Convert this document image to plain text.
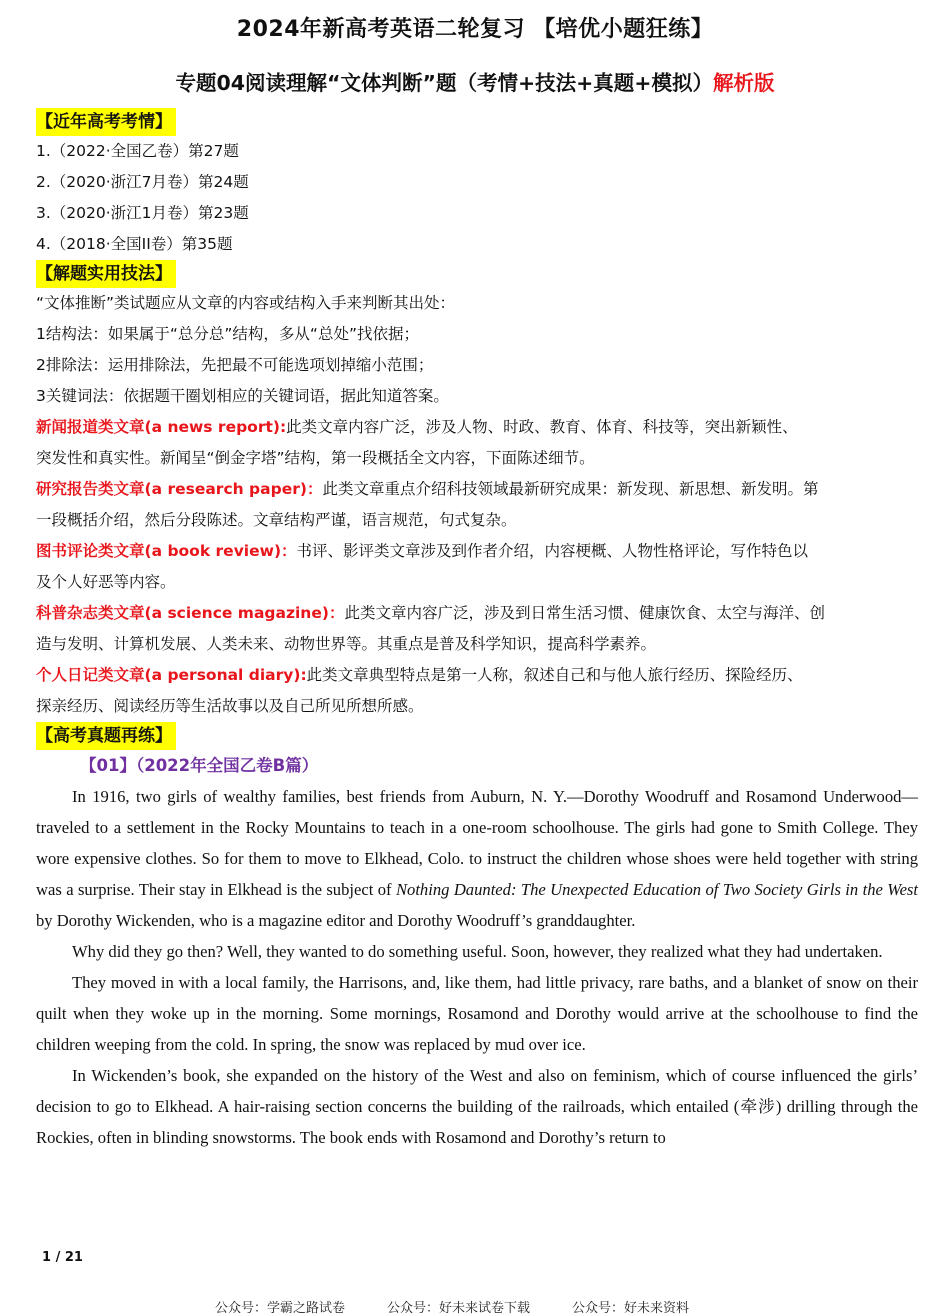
2024年新高考英语二轮复习 【培优小题狂练】
专题04阅读理解“文体判断”题（考情+技法+真题+模拟）解析版
【近年高考考情】
1.（2022·全国乙卷）第27题
2.（2020·浙江7月卷）第24题
3.（2020·浙江1月卷）第23题
4.（2018·全国II卷）第35题
【解题实用技法】
“文体推断”类试题应从文章的内容或结构入手来判断其出处：
1结构法：如果属于“总分总”结构，多从“总处”找依据；
2排除法：运用排除法，先把最不可能选项划掉缩小范围；
3关键词法：依据题干圈划相应的关键词语，据此知道答案。
新闻报道类文章(a news report):此类文章内容广泛，涉及人物、时政、教育、体育、科技等，突出新颖性、
突发性和真实性。新闻呈“倒金字塔”结构，第一段概括全文内容，下面陈述细节。
研究报告类文章(a research paper)：此类文章重点介绍科技领域最新研究成果：新发现、新思想、新发明。第
一段概括介绍，然后分段陈述。文章结构严谨，语言规范，句式复杂。
图书评论类文章(a book review)：书评、影评类文章涉及到作者介绍，内容梗概、人物性格评论，写作特色以
及个人好恶等内容。
科普杂志类文章(a science magazine)：此类文章内容广泛，涉及到日常生活习惯、健康饮食、太空与海洋、创
造与发明、计算机发展、人类未来、动物世界等。其重点是普及科学知识，提高科学素养。
个人日记类文章(a personal diary):此类文章典型特点是第一人称，叙述自己和与他人旅行经历、探险经历、
探亲经历、阅读经历等生活故事以及自己所见所想所感。
【高考真题再练】
【01】（2022年全国乙卷B篇）

In 1916, two girls of wealthy families, best friends from Auburn, N. Y.—Dorothy Woodruff and Rosamond Underwood—traveled to a settlement in the Rocky Mountains to teach in a one-room schoolhouse. The girls had gone to Smith College. They wore expensive clothes. So for them to move to Elkhead, Colo. to instruct the children whose shoes were held together with string was a surprise. Their stay in Elkhead is the subject of Nothing Daunted: The Unexpected Education of Two Society Girls in the West by Dorothy Wickenden, who is a magazine editor and Dorothy Woodruff’s granddaughter.

Why did they go then? Well, they wanted to do something useful. Soon, however, they realized what they had undertaken.

They moved in with a local family, the Harrisons, and, like them, had little privacy, rare baths, and a blanket of snow on their quilt when they woke up in the morning. Some mornings, Rosamond and Dorothy would arrive at the schoolhouse to find the children weeping from the cold. In spring, the snow was replaced by mud over ice.

In Wickenden’s book, she expanded on the history of the West and also on feminism, which of course influenced the girls’ decision to go to Elkhead. A hair-raising section concerns the building of the railroads, which entailed (牵涉) drilling through the Rockies, often in blinding snowstorms. The book ends with Rosamond and Dorothy’s return to

1 / 21
公众号：学霸之路试卷	公众号：好未来试卷下载	公众号：好未来资料
